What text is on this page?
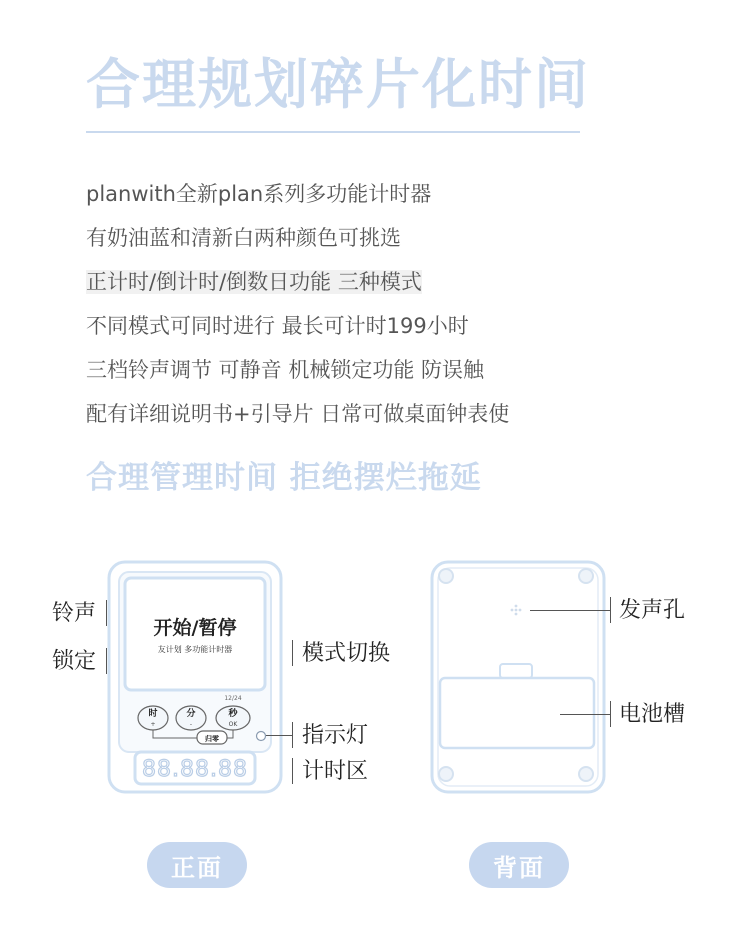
合理规划碎片化时间
planwith全新plan系列多功能计时器
有奶油蓝和清新白两种颜色可挑选
正计时/倒计时/倒数日功能 三种模式
不同模式可同时进行 最长可计时199小时
三档铃声调节 可静音 机械锁定功能 防误触
配有详细说明书+引导片 日常可做桌面钟表使
合理管理时间 拒绝摆烂拖延
开始/暂停
友计划 多功能计时器
12/24
时
+
分
-
秒
OK
归零
88.88.88
铃声
锁定	模式切换
指示灯
计时区
发声孔
电池槽
正面	背面
